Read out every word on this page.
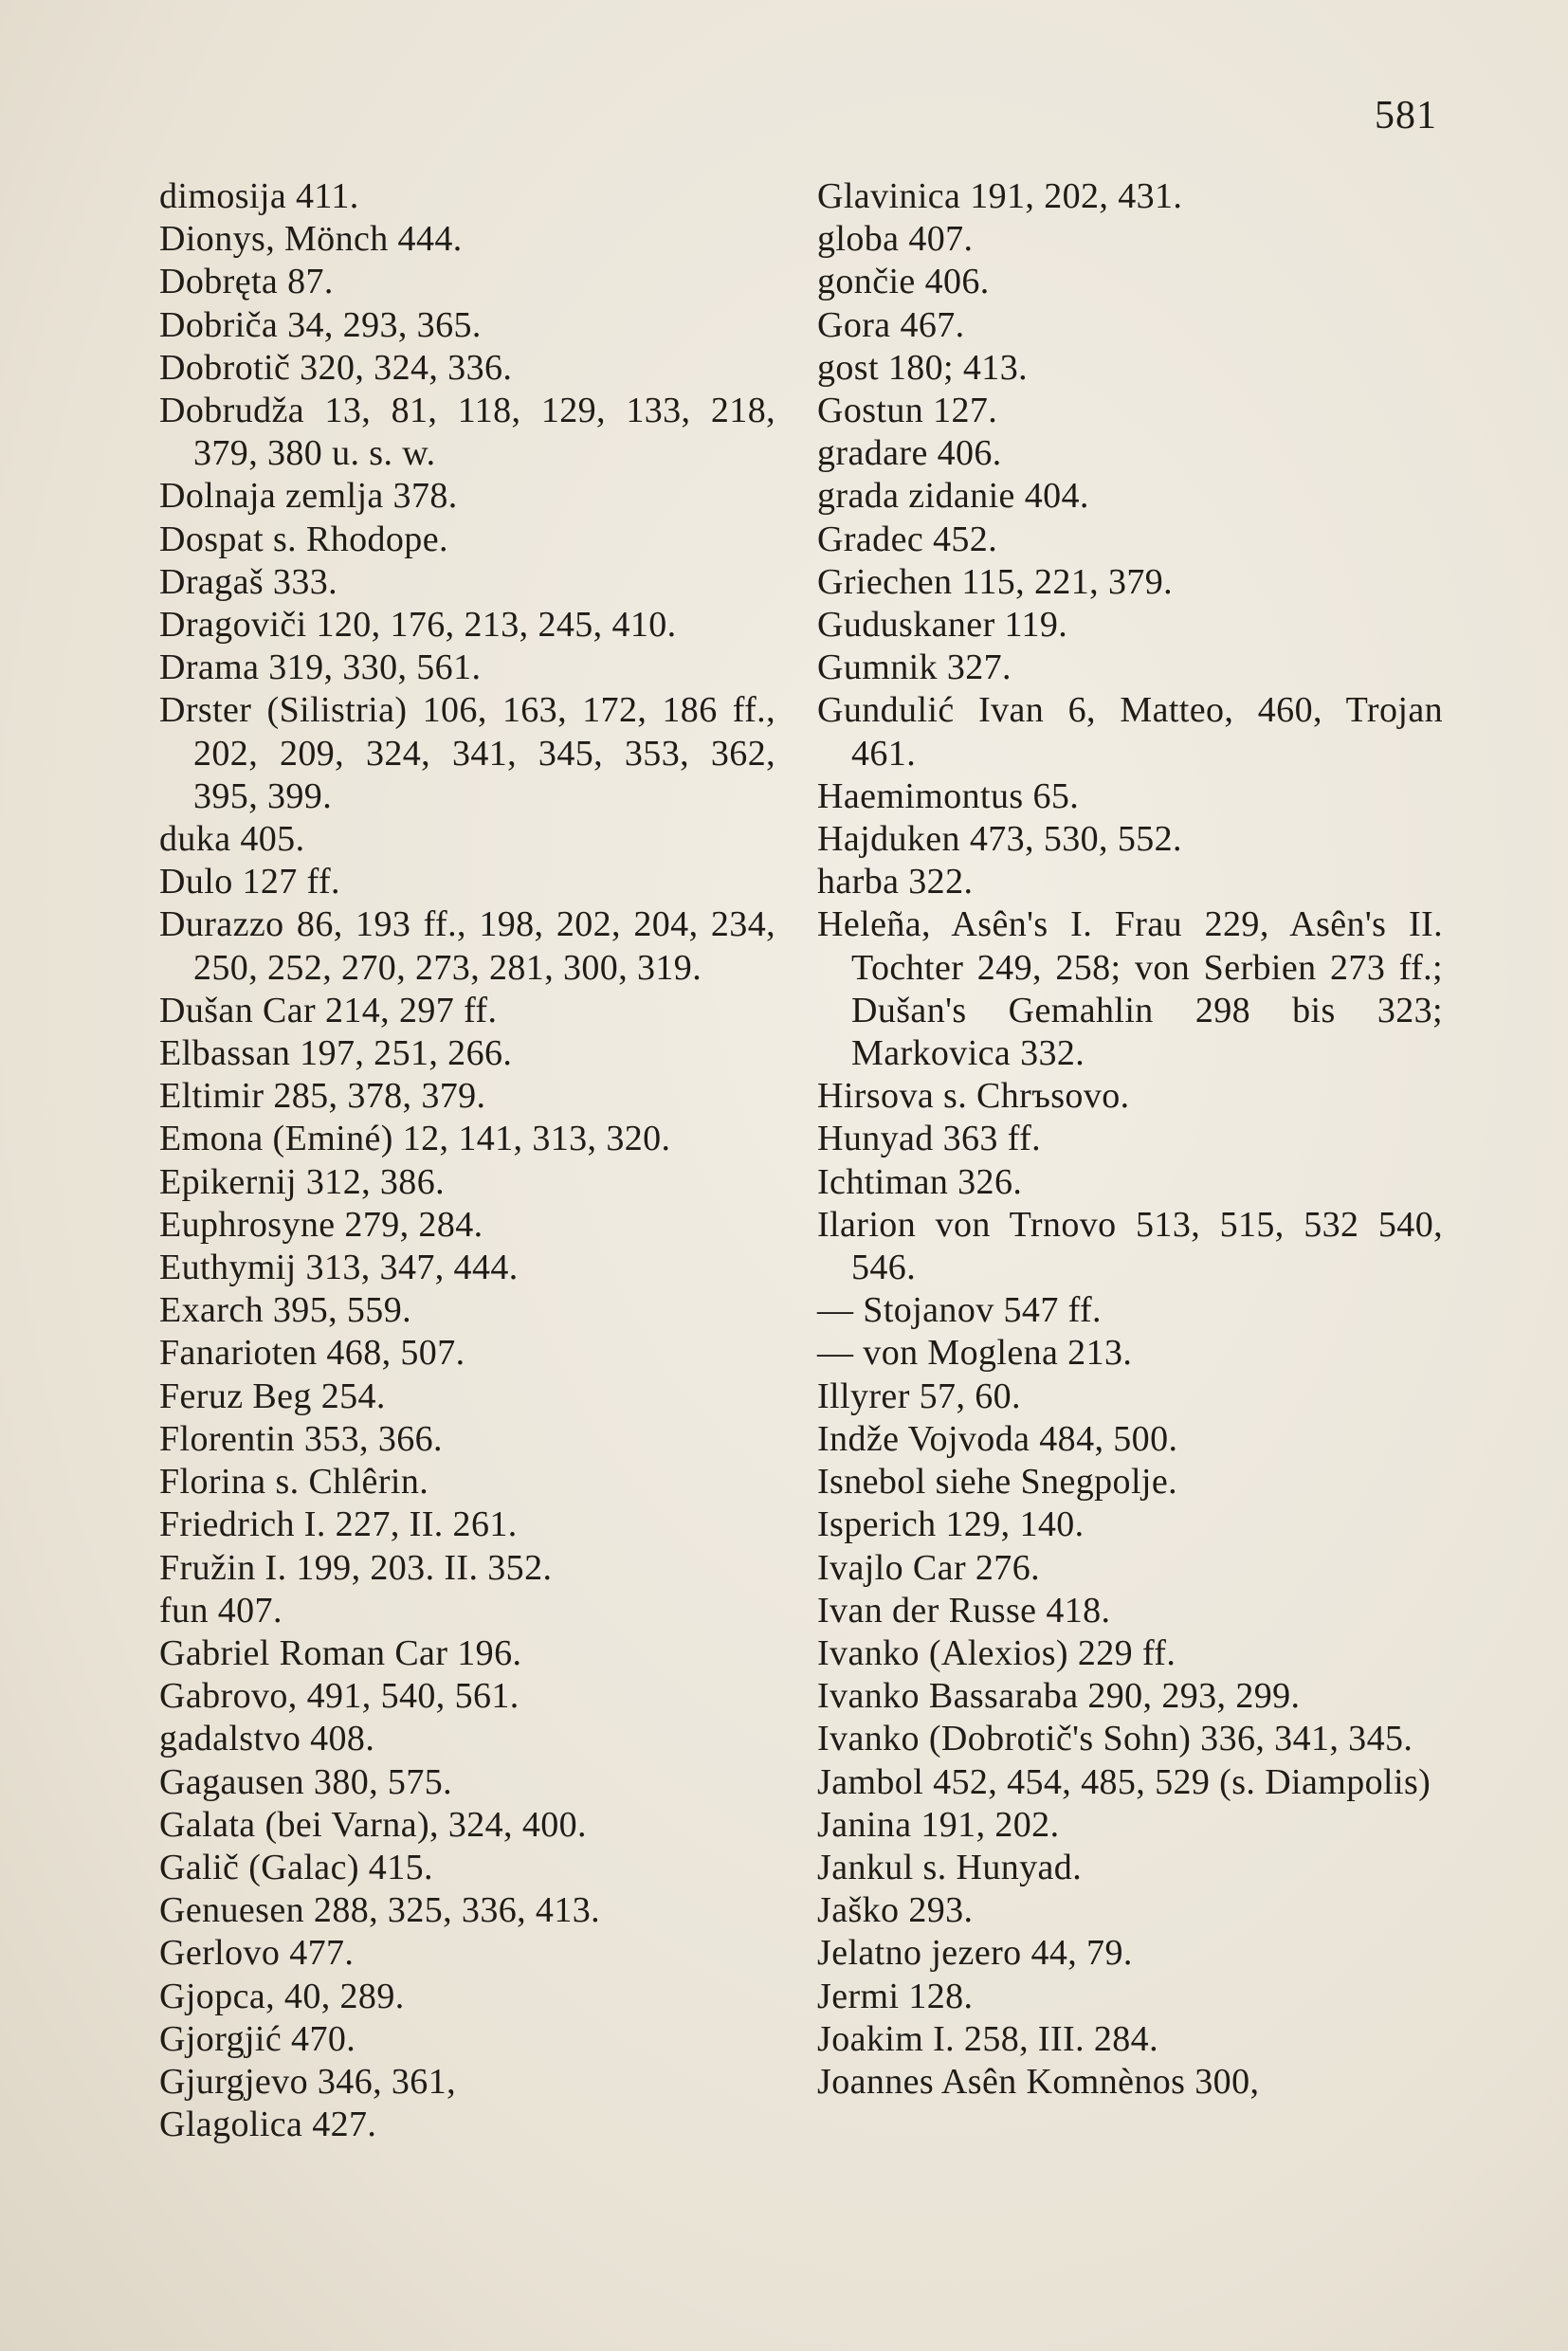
581
dimosija 411.
Dionys, Mönch 444.
Dobręta 87.
Dobriča 34, 293, 365.
Dobrotič 320, 324, 336.
Dobrudža 13, 81, 118, 129, 133, 218, 379, 380 u. s. w.
Dolnaja zemlja 378.
Dospat s. Rhodope.
Dragaš 333.
Dragoviči 120, 176, 213, 245, 410.
Drama 319, 330, 561.
Drster (Silistria) 106, 163, 172, 186 ff., 202, 209, 324, 341, 345, 353, 362, 395, 399.
duka 405.
Dulo 127 ff.
Durazzo 86, 193 ff., 198, 202, 204, 234, 250, 252, 270, 273, 281, 300, 319.
Dušan Car 214, 297 ff.
Elbassan 197, 251, 266.
Eltimir 285, 378, 379.
Emona (Eminé) 12, 141, 313, 320.
Epikernij 312, 386.
Euphrosyne 279, 284.
Euthymij 313, 347, 444.
Exarch 395, 559.
Fanarioten 468, 507.
Feruz Beg 254.
Florentin 353, 366.
Florina s. Chlêrin.
Friedrich I. 227, II. 261.
Fružin I. 199, 203. II. 352.
fun 407.
Gabriel Roman Car 196.
Gabrovo, 491, 540, 561.
gadalstvo 408.
Gagausen 380, 575.
Galata (bei Varna), 324, 400.
Galič (Galac) 415.
Genuesen 288, 325, 336, 413.
Gerlovo 477.
Gjopca, 40, 289.
Gjorgjić 470.
Gjurgjevo 346, 361,
Glagolica 427.
Glavinica 191, 202, 431.
globa 407.
gončie 406.
Gora 467.
gost 180; 413.
Gostun 127.
gradare 406.
grada zidanie 404.
Gradec 452.
Griechen 115, 221, 379.
Guduskaner 119.
Gumnik 327.
Gundulić Ivan 6, Matteo, 460, Trojan 461.
Haemimontus 65.
Hajduken 473, 530, 552.
harba 322.
Heleña, Asên's I. Frau 229, Asên's II. Tochter 249, 258; von Serbien 273 ff.; Dušan's Gemahlin 298 bis 323; Markovica 332.
Hirsova s. Chrъsovo.
Hunyad 363 ff.
Ichtiman 326.
Ilarion von Trnovo 513, 515, 532 540, 546.
— Stojanov 547 ff.
— von Moglena 213.
Illyrer 57, 60.
Indže Vojvoda 484, 500.
Isnebol siehe Snegpolje.
Isperich 129, 140.
Ivajlo Car 276.
Ivan der Russe 418.
Ivanko (Alexios) 229 ff.
Ivanko Bassaraba 290, 293, 299.
Ivanko (Dobrotič's Sohn) 336, 341, 345.
Jambol 452, 454, 485, 529 (s. Diampolis)
Janina 191, 202.
Jankul s. Hunyad.
Jaško 293.
Jelatno jezero 44, 79.
Jermi 128.
Joakim I. 258, III. 284.
Joannes Asên Komnènos 300,
